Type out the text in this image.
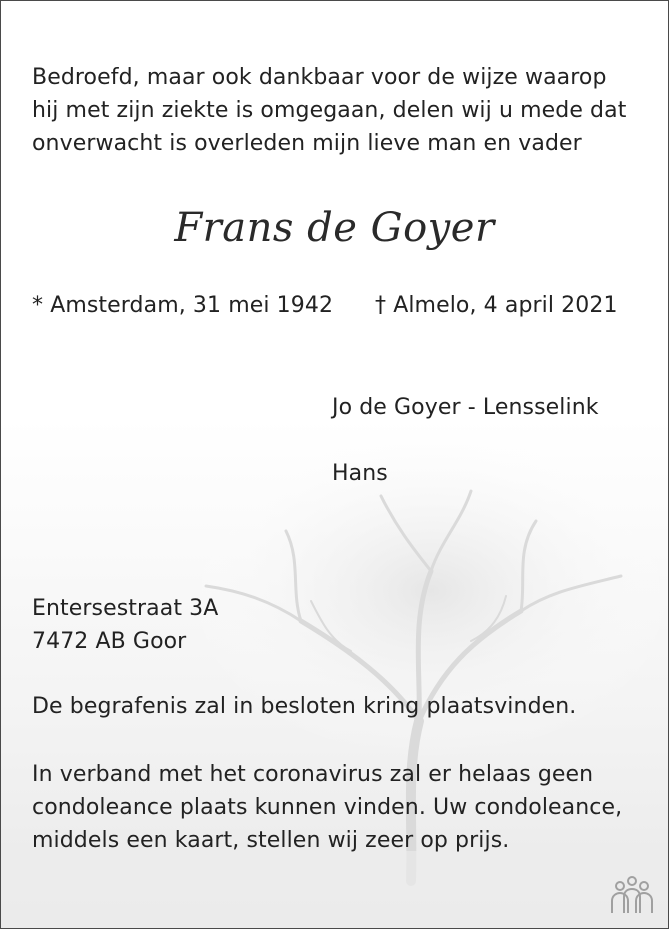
Bedroefd, maar ook dankbaar voor de wijze waarop
hij met zijn ziekte is omgegaan, delen wij u mede dat
onverwacht is overleden mijn lieve man en vader
Frans de Goyer
* Amsterdam, 31 mei 1942 † Almelo, 4 april 2021
Jo de Goyer - Lensselink
Hans
Entersestraat 3A
7472 AB Goor
De begrafenis zal in besloten kring plaatsvinden.
In verband met het coronavirus zal er helaas geen
condoleance plaats kunnen vinden. Uw condoleance,
middels een kaart, stellen wij zeer op prijs.
